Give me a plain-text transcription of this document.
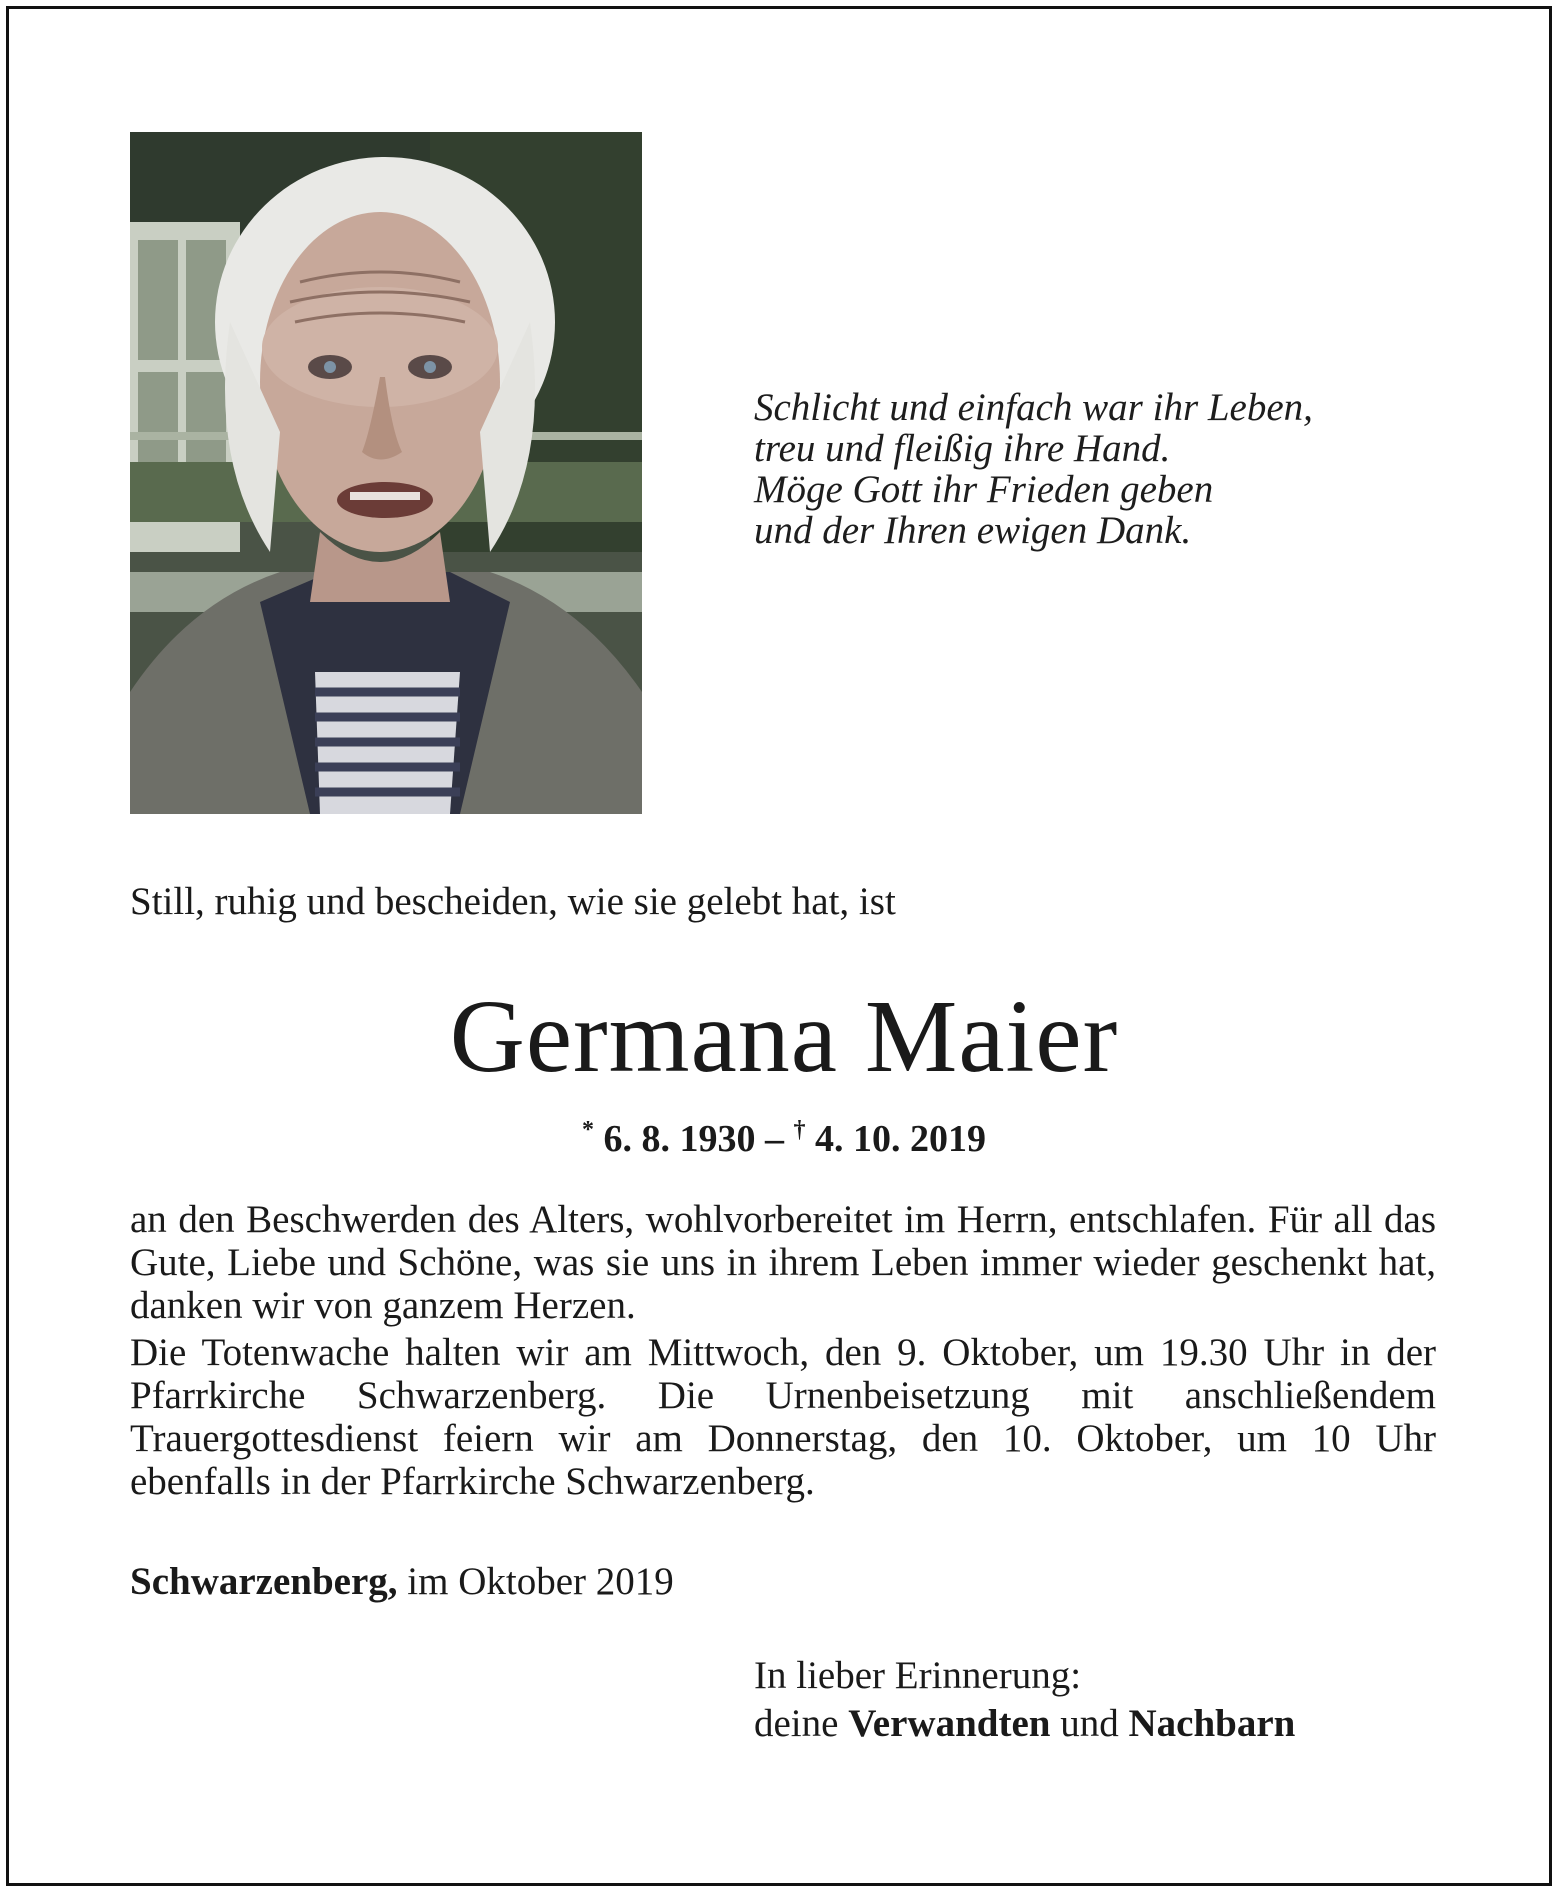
Schlicht und einfach war ihr Leben,
treu und fleißig ihre Hand.
Möge Gott ihr Frieden geben
und der Ihren ewigen Dank.
Still, ruhig und bescheiden, wie sie gelebt hat, ist
Germana Maier
* 6. 8. 1930 – † 4. 10. 2019

an den Beschwerden des Alters, wohlvorbereitet im Herrn, entschlafen. Für all das Gute, Liebe und Schöne, was sie uns in ihrem Leben immer wieder geschenkt hat, danken wir von ganzem Herzen.

Die Totenwache halten wir am Mittwoch, den 9. Oktober, um 19.30 Uhr in der Pfarrkirche Schwarzenberg. Die Urnenbeisetzung mit anschließendem Trauergottesdienst feiern wir am Donnerstag, den 10. Oktober, um 10 Uhr ebenfalls in der Pfarrkirche Schwarzenberg.

Schwarzenberg, im Oktober 2019
In lieber Erinnerung:
deine Verwandten und Nachbarn
